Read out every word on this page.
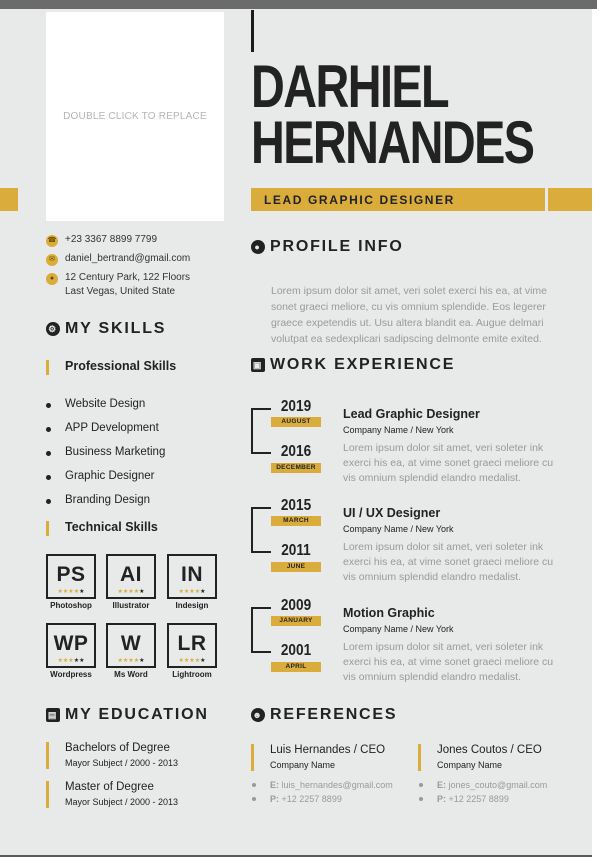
DOUBLE CLICK TO REPLACE DARHIEL
HERNANDES
LEAD GRAPHIC DESIGNER
☎ +23 3367 8899 7799
✉	daniel_bertrand@gmail.com
●	12 Century Park, 122 Floors
Last Vegas, United State
⚙ MY SKILLS
Professional Skills
Website Design
APP Development
Business Marketing
Graphic Designer
Branding Design
Technical Skills
PS
★★★★★
Photoshop
AI
★★★★★
Illustrator
IN
★★★★★
Indesign
WP
★★★★★
Wordpress
W
★★★★★
Ms Word
LR
★★★★★
Lightroom
▤ MY EDUCATION
Bachelors of Degree
Mayor Subject / 2000 - 2013
Master of Degree
Mayor Subject / 2000 - 2013
● PROFILE INFO
Lorem ipsum dolor sit amet, veri solet exerci his ea, at vime sonet graeci meliore, cu vis omnium splendide. Eos legerer graece expetendis ut. Usu altera blandit ea. Augue delmari volutpat ea sedexplicari sadipscing delmonte emite exited.
▣ WORK EXPERIENCE
2019
AUGUST
2016
DECEMBER
Lead Graphic Designer
Company Name / New York
Lorem ipsum dolor sit amet, veri soleter ink exerci his ea, at vime sonet graeci meliore cu vis omnium splendid elandro medalist.
2015
MARCH
2011
JUNE
UI / UX Designer
Company Name / New York
Lorem ipsum dolor sit amet, veri soleter ink exerci his ea, at vime sonet graeci meliore cu vis omnium splendid elandro medalist.
2009
JANUARY
2001
APRIL
Motion Graphic
Company Name / New York
Lorem ipsum dolor sit amet, veri soleter ink exerci his ea, at vime sonet graeci meliore cu vis omnium splendid elandro medalist.
☻ REFERENCES
Luis Hernandes / CEO
Company Name
E: luis_hernandes@gmail.com
P: +12 2257 8899
Jones Coutos / CEO
Company Name
E: jones_couto@gmail.com
P: +12 2257 8899
